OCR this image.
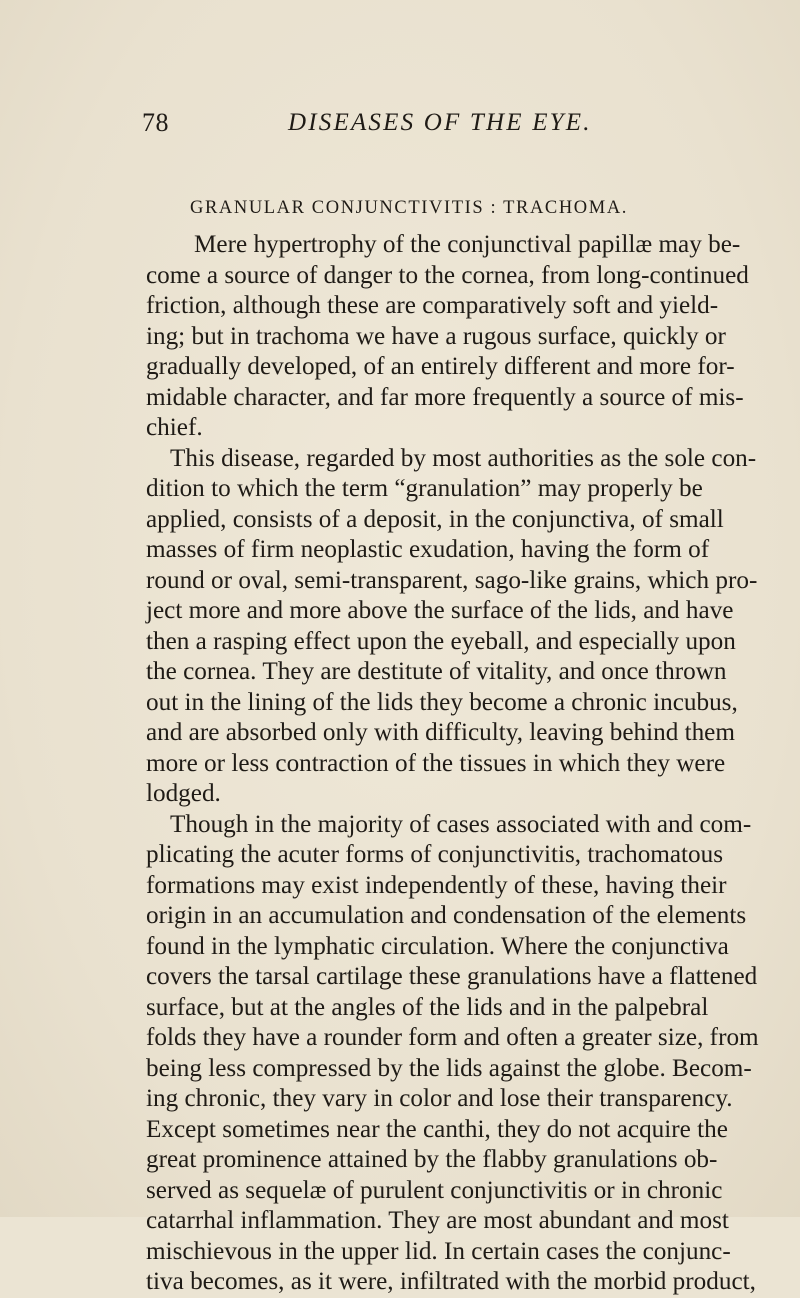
78	DISEASES OF THE EYE.
GRANULAR CONJUNCTIVITIS : TRACHOMA.
Mere hypertrophy of the conjunctival papillæ may be-
come a source of danger to the cornea, from long-continued
friction, although these are comparatively soft and yield-
ing; but in trachoma we have a rugous surface, quickly or
gradually developed, of an entirely different and more for-
midable character, and far more frequently a source of mis-
chief.
This disease, regarded by most authorities as the sole con-
dition to which the term “granulation” may properly be
applied, consists of a deposit, in the conjunctiva, of small
masses of firm neoplastic exudation, having the form of
round or oval, semi-transparent, sago-like grains, which pro-
ject more and more above the surface of the lids, and have
then a rasping effect upon the eyeball, and especially upon
the cornea. They are destitute of vitality, and once thrown
out in the lining of the lids they become a chronic incubus,
and are absorbed only with difficulty, leaving behind them
more or less contraction of the tissues in which they were
lodged.
Though in the majority of cases associated with and com-
plicating the acuter forms of conjunctivitis, trachomatous
formations may exist independently of these, having their
origin in an accumulation and condensation of the elements
found in the lymphatic circulation. Where the conjunctiva
covers the tarsal cartilage these granulations have a flattened
surface, but at the angles of the lids and in the palpebral
folds they have a rounder form and often a greater size, from
being less compressed by the lids against the globe. Becom-
ing chronic, they vary in color and lose their transparency.
Except sometimes near the canthi, they do not acquire the
great prominence attained by the flabby granulations ob-
served as sequelæ of purulent conjunctivitis or in chronic
catarrhal inflammation. They are most abundant and most
mischievous in the upper lid. In certain cases the conjunc-
tiva becomes, as it were, infiltrated with the morbid product,
